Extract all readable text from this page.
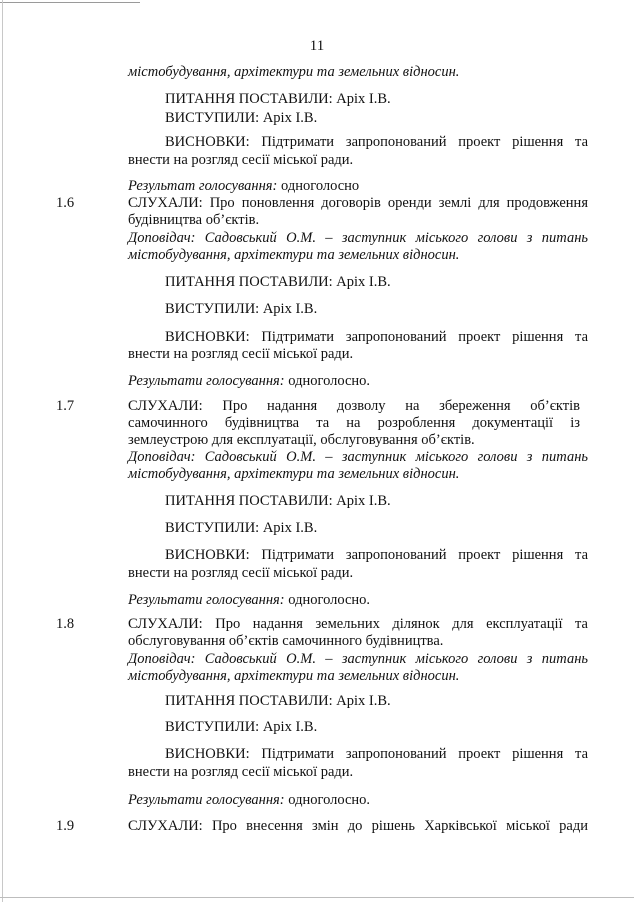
11
містобудування, архітектури та земельних відносин.
ПИТАННЯ ПОСТАВИЛИ: Аріх І.В.
ВИСТУПИЛИ: Аріх І.В.
ВИСНОВКИ: Підтримати запропонований проект рішення та
внести на розгляд сесії міської ради.
Результат голосування: одноголосно
1.6	СЛУХАЛИ: Про поновлення договорів оренди землі для продовження
будівництва об’єктів.
Доповідач: Садовський О.М. – заступник міського голови з питань
містобудування, архітектури та земельних відносин.
ПИТАННЯ ПОСТАВИЛИ: Аріх І.В.
ВИСТУПИЛИ: Аріх І.В.
ВИСНОВКИ: Підтримати запропонований проект рішення та
внести на розгляд сесії міської ради.
Результати голосування: одноголосно.
1.7	СЛУХАЛИ: Про надання дозволу на збереження об’єктів
самочинного будівництва та на розроблення документації із
землеустрою для експлуатації, обслуговування об’єктів.
Доповідач: Садовський О.М. – заступник міського голови з питань
містобудування, архітектури та земельних відносин.
ПИТАННЯ ПОСТАВИЛИ: Аріх І.В.
ВИСТУПИЛИ: Аріх І.В.
ВИСНОВКИ: Підтримати запропонований проект рішення та
внести на розгляд сесії міської ради.
Результати голосування: одноголосно.
1.8	СЛУХАЛИ: Про надання земельних ділянок для експлуатації та
обслуговування об’єктів самочинного будівництва.
Доповідач: Садовський О.М. – заступник міського голови з питань
містобудування, архітектури та земельних відносин.
ПИТАННЯ ПОСТАВИЛИ: Аріх І.В.
ВИСТУПИЛИ: Аріх І.В.
ВИСНОВКИ: Підтримати запропонований проект рішення та
внести на розгляд сесії міської ради.
Результати голосування: одноголосно.
1.9	СЛУХАЛИ: Про внесення змін до рішень Харківської міської ради
